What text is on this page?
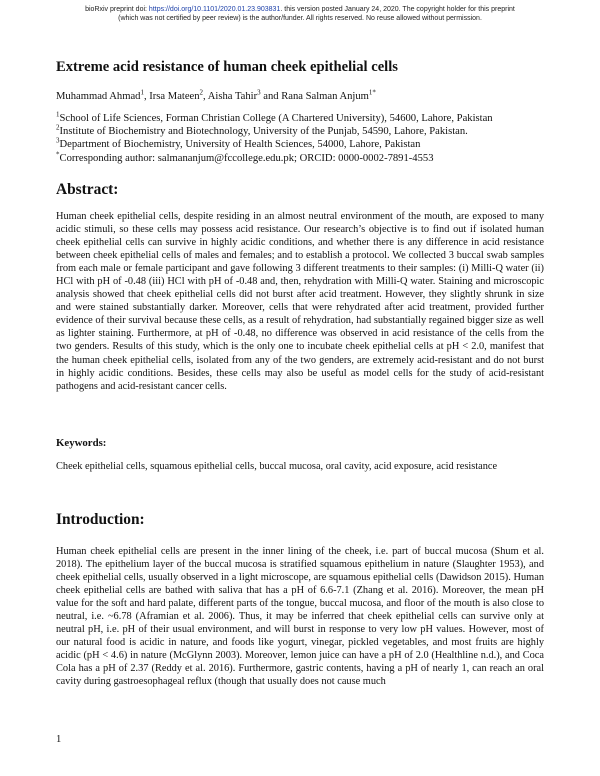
bioRxiv preprint doi: https://doi.org/10.1101/2020.01.23.903831. this version posted January 24, 2020. The copyright holder for this preprint
(which was not certified by peer review) is the author/funder. All rights reserved. No reuse allowed without permission.
Extreme acid resistance of human cheek epithelial cells
Muhammad Ahmad$^1$, Irsa Mateen$^2$, Aisha Tahir$^3$ and Rana Salman Anjum$^{1*}$
$^1$School of Life Sciences, Forman Christian College (A Chartered University), 54600, Lahore, Pakistan
$^2$Institute of Biochemistry and Biotechnology, University of the Punjab, 54590, Lahore, Pakistan.
$^3$Department of Biochemistry, University of Health Sciences, 54000, Lahore, Pakistan
*Corresponding author: salmananjum@fccollege.edu.pk; ORCID: 0000-0002-7891-4553
Abstract:

Human cheek epithelial cells, despite residing in an almost neutral environment of the mouth, are exposed to many acidic stimuli, so these cells may possess acid resistance. Our research’s objective is to find out if isolated human cheek epithelial cells can survive in highly acidic conditions, and whether there is any difference in acid resistance between cheek epithelial cells of males and females; and to establish a protocol. We collected 3 buccal swab samples from each male or female participant and gave following 3 different treatments to their samples: (i) Milli-Q water (ii) HCl with pH of -0.48 (iii) HCl with pH of -0.48 and, then, rehydration with Milli-Q water. Staining and microscopic analysis showed that cheek epithelial cells did not burst after acid treatment. However, they slightly shrunk in size and were stained substantially darker. Moreover, cells that were rehydrated after acid treatment, provided further evidence of their survival because these cells, as a result of rehydration, had substantially regained bigger size as well as lighter staining. Furthermore, at pH of -0.48, no difference was observed in acid resistance of the cells from the two genders. Results of this study, which is the only one to incubate cheek epithelial cells at pH < 2.0, manifest that the human cheek epithelial cells, isolated from any of the two genders, are extremely acid-resistant and do not burst in highly acidic conditions. Besides, these cells may also be useful as model cells for the study of acid-resistant pathogens and acid-resistant cancer cells.

Keywords:

Cheek epithelial cells, squamous epithelial cells, buccal mucosa, oral cavity, acid exposure, acid resistance

Introduction:

Human cheek epithelial cells are present in the inner lining of the cheek, i.e. part of buccal mucosa (Shum et al. 2018). The epithelium layer of the buccal mucosa is stratified squamous epithelium in nature (Slaughter 1953), and cheek epithelial cells, usually observed in a light microscope, are squamous epithelial cells (Dawidson 2015). Human cheek epithelial cells are bathed with saliva that has a pH of 6.6-7.1 (Zhang et al. 2016). Moreover, the mean pH value for the soft and hard palate, different parts of the tongue, buccal mucosa, and floor of the mouth is also close to neutral, i.e. ~6.78 (Aframian et al. 2006). Thus, it may be inferred that cheek epithelial cells can survive only at neutral pH, i.e. pH of their usual environment, and will burst in response to very low pH values. However, most of our natural food is acidic in nature, and foods like yogurt, vinegar, pickled vegetables, and most fruits are highly acidic (pH < 4.6) in nature (McGlynn 2003). Moreover, lemon juice can have a pH of 2.0 (Healthline n.d.), and Coca Cola has a pH of 2.37 (Reddy et al. 2016). Furthermore, gastric contents, having a pH of nearly 1, can reach an oral cavity during gastroesophageal reflux (though that usually does not cause much

1
